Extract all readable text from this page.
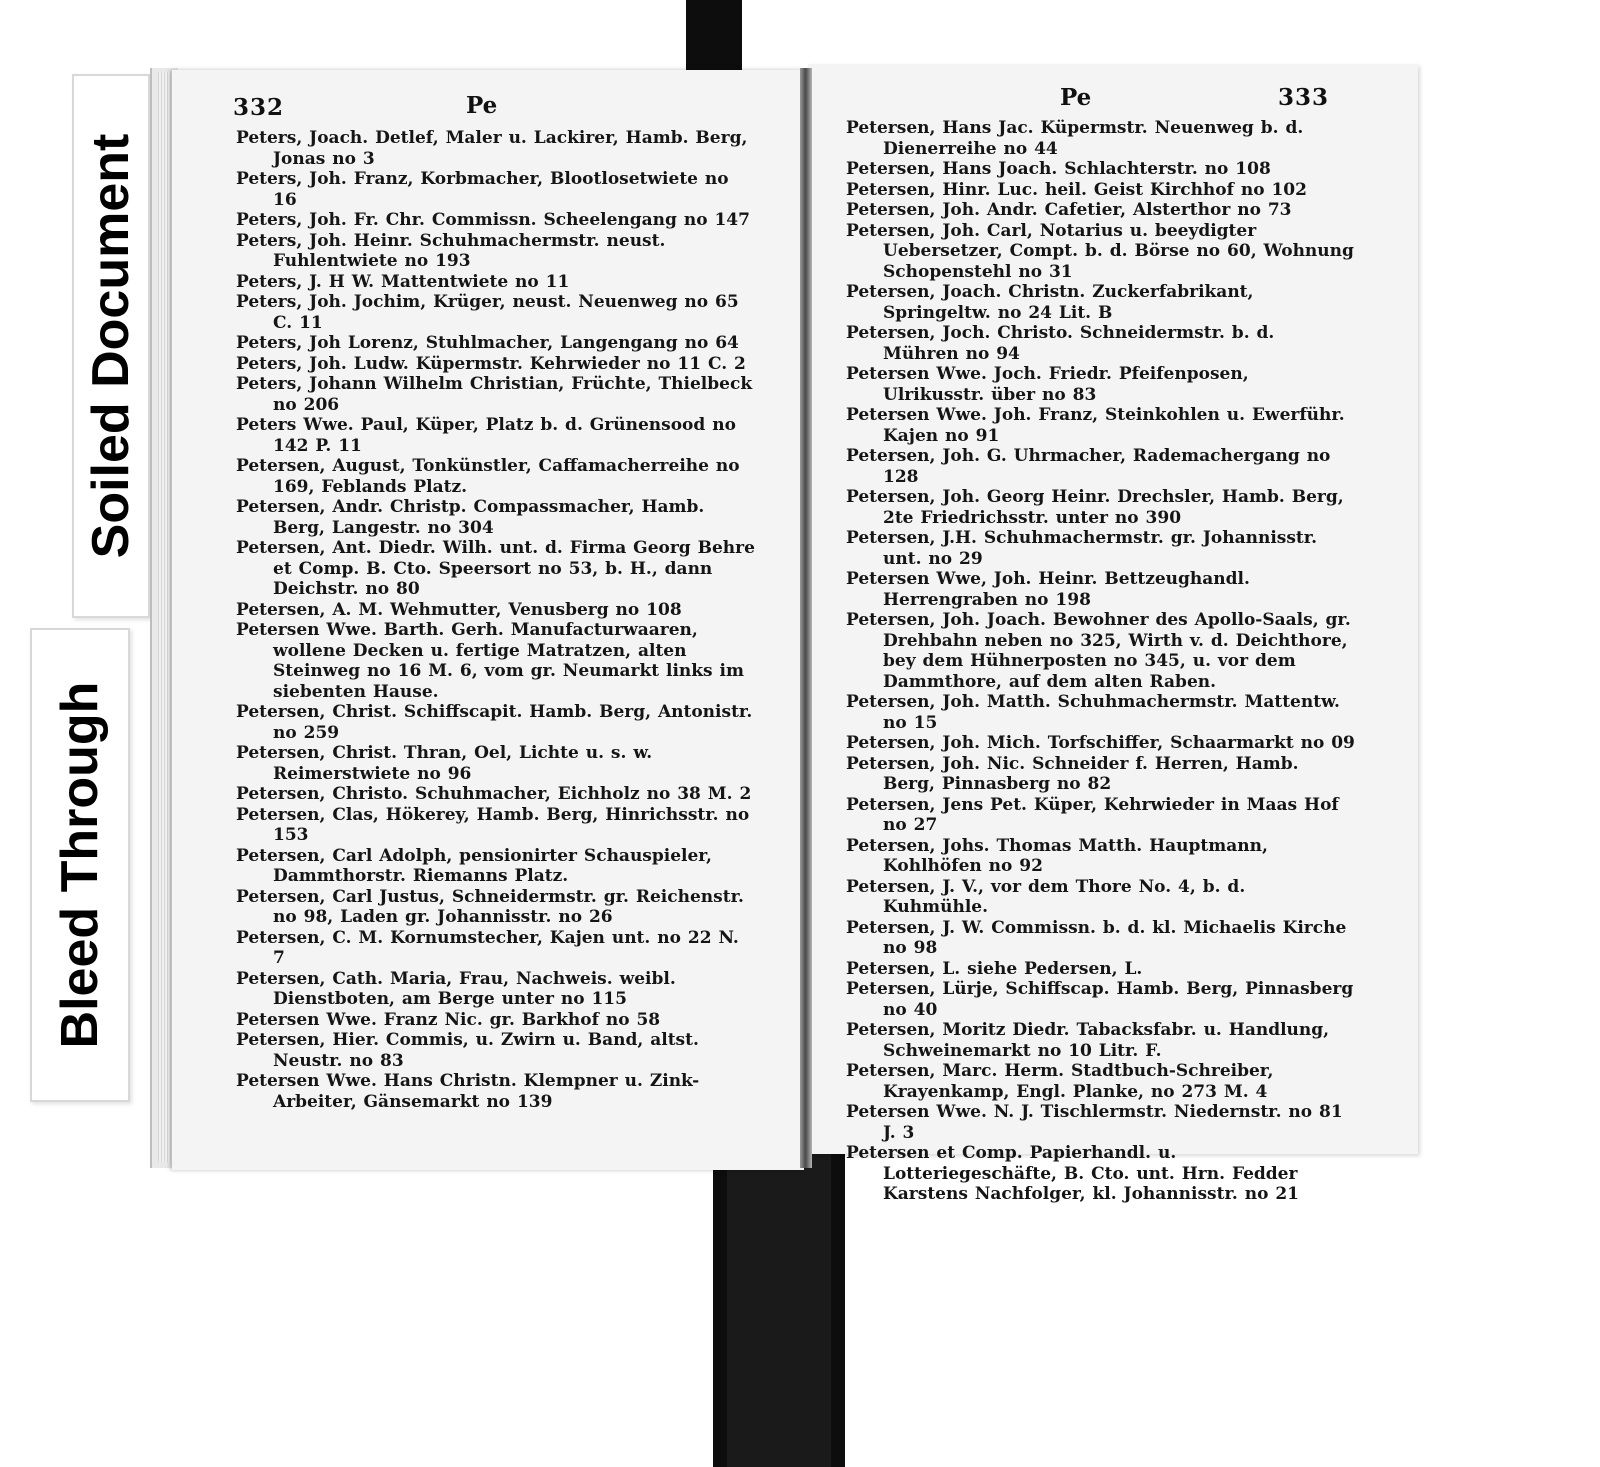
Soiled Document
Bleed Through
332	Pe
Peters, Joach. Detlef, Maler u. Lackirer, Hamb. Berg, Jonas no 3
Peters, Joh. Franz, Korbmacher, Blootlosetwiete no 16
Peters, Joh. Fr. Chr. Commissn. Scheelengang no 147
Peters, Joh. Heinr. Schuhmachermstr. neust. Fuhlentwiete no 193
Peters, J. H W. Mattentwiete no 11
Peters, Joh. Jochim, Krüger, neust. Neuenweg no 65 C. 11
Peters, Joh Lorenz, Stuhlmacher, Langengang no 64
Peters, Joh. Ludw. Küpermstr. Kehrwieder no 11 C. 2
Peters, Johann Wilhelm Christian, Früchte, Thielbeck no 206
Peters Wwe. Paul, Küper, Platz b. d. Grünensood no 142 P. 11
Petersen, August, Tonkünstler, Caffamacherreihe no 169, Feblands Platz.
Petersen, Andr. Christp. Compassmacher, Hamb. Berg, Langestr. no 304
Petersen, Ant. Diedr. Wilh. unt. d. Firma Georg Behre et Comp. B. Cto. Speersort no 53, b. H., dann Deichstr. no 80
Petersen, A. M. Wehmutter, Venusberg no 108
Petersen Wwe. Barth. Gerh. Manufacturwaaren, wollene Decken u. fertige Matratzen, alten Steinweg no 16 M. 6, vom gr. Neumarkt links im siebenten Hause.
Petersen, Christ. Schiffscapit. Hamb. Berg, Antonistr. no 259
Petersen, Christ. Thran, Oel, Lichte u. s. w. Reimerstwiete no 96
Petersen, Christo. Schuhmacher, Eichholz no 38 M. 2
Petersen, Clas, Hökerey, Hamb. Berg, Hinrichsstr. no 153
Petersen, Carl Adolph, pensionirter Schauspieler, Dammthorstr. Riemanns Platz.
Petersen, Carl Justus, Schneidermstr. gr. Reichenstr. no 98, Laden gr. Johannisstr. no 26
Petersen, C. M. Kornumstecher, Kajen unt. no 22 N. 7
Petersen, Cath. Maria, Frau, Nachweis. weibl. Dienstboten, am Berge unter no 115
Petersen Wwe. Franz Nic. gr. Barkhof no 58
Petersen, Hier. Commis, u. Zwirn u. Band, altst. Neustr. no 83
Petersen Wwe. Hans Christn. Klempner u. Zink-Arbeiter, Gänsemarkt no 139
Pe	333
Petersen, Hans Jac. Küpermstr. Neuenweg b. d. Dienerreihe no 44
Petersen, Hans Joach. Schlachterstr. no 108
Petersen, Hinr. Luc. heil. Geist Kirchhof no 102
Petersen, Joh. Andr. Cafetier, Alsterthor no 73
Petersen, Joh. Carl, Notarius u. beeydigter Uebersetzer, Compt. b. d. Börse no 60, Wohnung Schopenstehl no 31
Petersen, Joach. Christn. Zuckerfabrikant, Springeltw. no 24 Lit. B
Petersen, Joch. Christo. Schneidermstr. b. d. Mühren no 94
Petersen Wwe. Joch. Friedr. Pfeifenposen, Ulrikusstr. über no 83
Petersen Wwe. Joh. Franz, Steinkohlen u. Ewerführ. Kajen no 91
Petersen, Joh. G. Uhrmacher, Rademachergang no 128
Petersen, Joh. Georg Heinr. Drechsler, Hamb. Berg, 2te Friedrichsstr. unter no 390
Petersen, J.H. Schuhmachermstr. gr. Johannisstr. unt. no 29
Petersen Wwe, Joh. Heinr. Bettzeughandl. Herrengraben no 198
Petersen, Joh. Joach. Bewohner des Apollo-Saals, gr. Drehbahn neben no 325, Wirth v. d. Deichthore, bey dem Hühnerposten no 345, u. vor dem Dammthore, auf dem alten Raben.
Petersen, Joh. Matth. Schuhmachermstr. Mattentw. no 15
Petersen, Joh. Mich. Torfschiffer, Schaarmarkt no 09
Petersen, Joh. Nic. Schneider f. Herren, Hamb. Berg, Pinnasberg no 82
Petersen, Jens Pet. Küper, Kehrwieder in Maas Hof no 27
Petersen, Johs. Thomas Matth. Hauptmann, Kohlhöfen no 92
Petersen, J. V., vor dem Thore No. 4, b. d. Kuhmühle.
Petersen, J. W. Commissn. b. d. kl. Michaelis Kirche no 98
Petersen, L. siehe Pedersen, L.
Petersen, Lürje, Schiffscap. Hamb. Berg, Pinnasberg no 40
Petersen, Moritz Diedr. Tabacksfabr. u. Handlung, Schweinemarkt no 10 Litr. F.
Petersen, Marc. Herm. Stadtbuch-Schreiber, Krayenkamp, Engl. Planke, no 273 M. 4
Petersen Wwe. N. J. Tischlermstr. Niedernstr. no 81 J. 3
Petersen et Comp. Papierhandl. u. Lotteriegeschäfte, B. Cto. unt. Hrn. Fedder Karstens Nachfolger, kl. Johannisstr. no 21
